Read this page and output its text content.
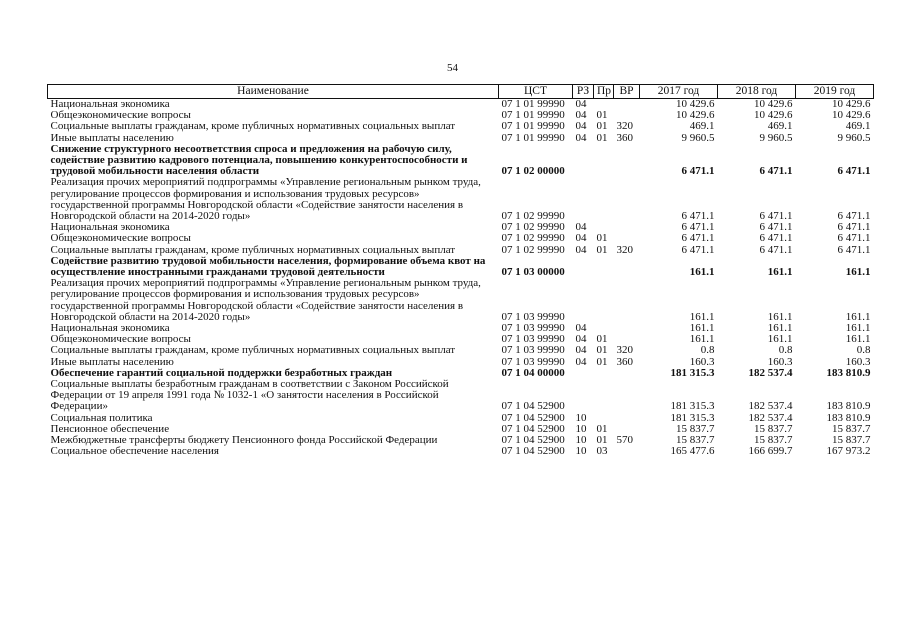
54
Наименование	ЦСТ	РЗ	Пр	ВР	2017 год	2018 год	2019 год
Национальная экономика	07 1 01 99990	04			10 429.6	10 429.6	10 429.6
Общеэкономические вопросы	07 1 01 99990	04	01		10 429.6	10 429.6	10 429.6
Социальные выплаты гражданам, кроме публичных нормативных социальных выплат	07 1 01 99990	04	01	320	469.1	469.1	469.1
Иные выплаты населению	07 1 01 99990	04	01	360	9 960.5	9 960.5	9 960.5
Снижение структурного несоответствия спроса и предложения на рабочую силу, содействие развитию кадрового потенциала, повышению конкурентоспособности и трудовой мобильности населения области	07 1 02 00000				6 471.1	6 471.1	6 471.1
Реализация прочих мероприятий подпрограммы «Управление региональным рынком труда, регулирование процессов формирования и использования трудовых ресурсов» государственной программы Новгородской области «Содействие занятости населения в Новгородской области на 2014-2020 годы»	07 1 02 99990				6 471.1	6 471.1	6 471.1
Национальная экономика	07 1 02 99990	04			6 471.1	6 471.1	6 471.1
Общеэкономические вопросы	07 1 02 99990	04	01		6 471.1	6 471.1	6 471.1
Социальные выплаты гражданам, кроме публичных нормативных социальных выплат	07 1 02 99990	04	01	320	6 471.1	6 471.1	6 471.1
Содействие развитию трудовой мобильности населения, формирование объема квот на осуществление иностранными гражданами трудовой деятельности	07 1 03 00000				161.1	161.1	161.1
Реализация прочих мероприятий подпрограммы «Управление региональным рынком труда, регулирование процессов формирования и использования трудовых ресурсов» государственной программы Новгородской области «Содействие занятости населения в Новгородской области на 2014-2020 годы»	07 1 03 99990				161.1	161.1	161.1
Национальная экономика	07 1 03 99990	04			161.1	161.1	161.1
Общеэкономические вопросы	07 1 03 99990	04	01		161.1	161.1	161.1
Социальные выплаты гражданам, кроме публичных нормативных социальных выплат	07 1 03 99990	04	01	320	0.8	0.8	0.8
Иные выплаты населению	07 1 03 99990	04	01	360	160.3	160.3	160.3
Обеспечение гарантий социальной поддержки безработных граждан	07 1 04 00000				181 315.3	182 537.4	183 810.9
Социальные выплаты безработным гражданам в соответствии с Законом Российской Федерации от 19 апреля 1991 года № 1032-1 «О занятости населения в Российской Федерации»	07 1 04 52900				181 315.3	182 537.4	183 810.9
Социальная политика	07 1 04 52900	10			181 315.3	182 537.4	183 810.9
Пенсионное обеспечение	07 1 04 52900	10	01		15 837.7	15 837.7	15 837.7
Межбюджетные трансферты бюджету Пенсионного фонда Российской Федерации	07 1 04 52900	10	01	570	15 837.7	15 837.7	15 837.7
Социальное обеспечение населения	07 1 04 52900	10	03		165 477.6	166 699.7	167 973.2
